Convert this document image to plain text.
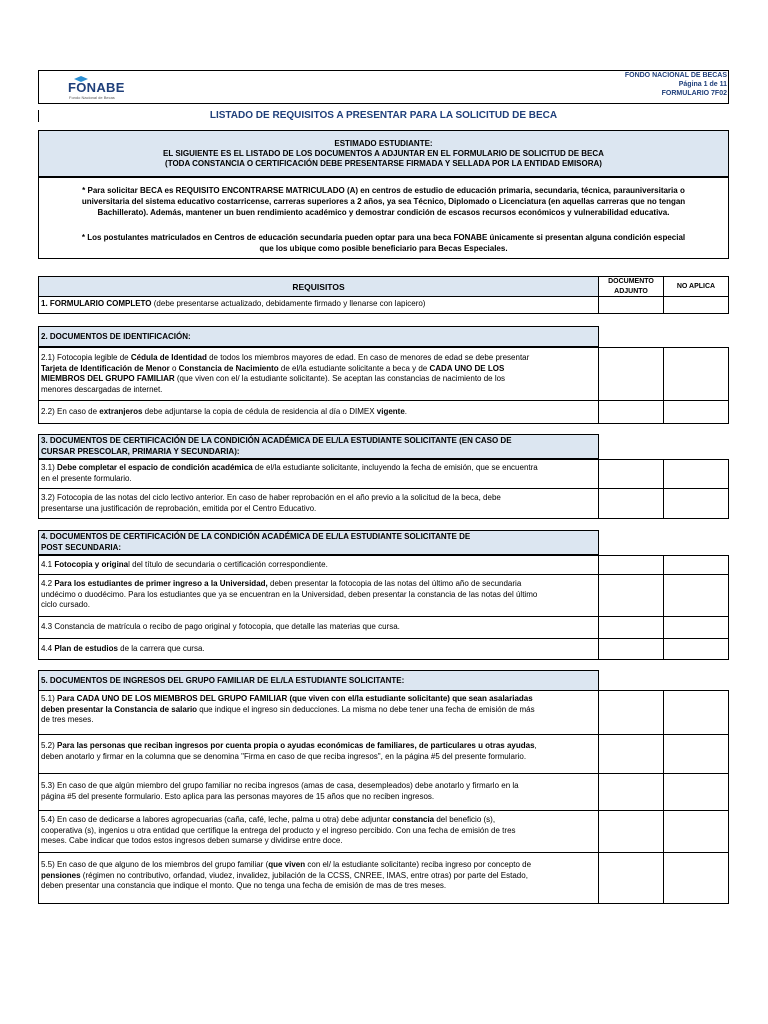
FONABE
Fondo Nacional de Becas
FONDO NACIONAL DE BECAS
Página 1 de 11
FORMULARIO 7F02
LISTADO DE REQUISITOS A PRESENTAR PARA LA SOLICITUD DE BECA
ESTIMADO ESTUDIANTE:
EL SIGUIENTE ES EL LISTADO DE LOS DOCUMENTOS A ADJUNTAR EN EL FORMULARIO DE SOLICITUD DE BECA
(TODA CONSTANCIA O CERTIFICACIÓN DEBE PRESENTARSE FIRMADA Y SELLADA POR LA ENTIDAD EMISORA)
* Para solicitar BECA es REQUISITO ENCONTRARSE MATRICULADO (A) en centros de estudio de educación primaria, secundaria, técnica, parauniversitaria o
universitaria del sistema educativo costarricense, carreras superiores a 2 años, ya sea Técnico, Diplomado o Licenciatura (en aquellas carreras que no tengan
Bachillerato). Además, mantener un buen rendimiento académico y demostrar condición de escasos recursos económicos y vulnerabilidad educativa.
* Los postulantes matriculados en Centros de educación secundaria pueden optar para una beca FONABE únicamente si presentan alguna condición especial
que los ubique como posible beneficiario para Becas Especiales.
REQUISITOS
DOCUMENTO
ADJUNTO
NO APLICA
1. FORMULARIO COMPLETO (debe presentarse actualizado, debidamente firmado y llenarse con lapicero)
2. DOCUMENTOS DE IDENTIFICACIÓN:
2.1) Fotocopia legible de Cédula de Identidad de todos los miembros mayores de edad. En caso de menores de edad se debe presentar
Tarjeta de Identificación de Menor o Constancia de Nacimiento de el/la estudiante solicitante a beca y de CADA UNO DE LOS
MIEMBROS DEL GRUPO FAMILIAR (que viven con el/ la estudiante solicitante). Se aceptan las constancias de nacimiento de los
menores descargadas de internet.
2.2) En caso de extranjeros debe adjuntarse la copia de cédula de residencia al día o DIMEX vigente.
3. DOCUMENTOS DE CERTIFICACIÓN DE LA CONDICIÓN ACADÉMICA DE EL/LA ESTUDIANTE SOLICITANTE (EN CASO DE
CURSAR PRESCOLAR, PRIMARIA Y SECUNDARIA):
3.1) Debe completar el espacio de condición académica de el/la estudiante solicitante, incluyendo la fecha de emisión, que se encuentra
en el presente formulario.
3.2) Fotocopia de las notas del ciclo lectivo anterior. En caso de haber reprobación en el año previo a la solicitud de la beca, debe
presentarse una justificación de reprobación, emitida por el Centro Educativo.
4. DOCUMENTOS DE CERTIFICACIÓN DE LA CONDICIÓN ACADÉMICA DE EL/LA ESTUDIANTE SOLICITANTE DE
POST SECUNDARIA:
4.1 Fotocopia y original del título de secundaria o certificación correspondiente.
4.2 Para los estudiantes de primer ingreso a la Universidad, deben presentar la fotocopia de las notas del último año de secundaria
undécimo o duodécimo. Para los estudiantes que ya se encuentran en la Universidad, deben presentar la constancia de las notas del último
ciclo cursado.
4.3 Constancia de matrícula o recibo de pago original y fotocopia, que detalle las materias que cursa.
4.4 Plan de estudios de la carrera que cursa.
5. DOCUMENTOS DE INGRESOS DEL GRUPO FAMILIAR DE EL/LA ESTUDIANTE SOLICITANTE:
5.1) Para CADA UNO DE LOS MIEMBROS DEL GRUPO FAMILIAR (que viven con el/la estudiante solicitante) que sean asalariadas
deben presentar la Constancia de salario que indique el ingreso sin deducciones. La misma no debe tener una fecha de emisión de más
de tres meses.
5.2) Para las personas que reciban ingresos por cuenta propia o ayudas económicas de familiares, de particulares u otras ayudas,
deben anotarlo y firmar en la columna que se denomina "Firma en caso de que reciba ingresos", en la página #5 del presente formulario.
5.3) En caso de que algún miembro del grupo familiar no reciba ingresos (amas de casa, desempleados) debe anotarlo y firmarlo en la
página #5 del presente formulario. Esto aplica para las personas mayores de 15 años que no reciben ingresos.
5.4) En caso de dedicarse a labores agropecuarias (caña, café, leche, palma u otra) debe adjuntar constancia del beneficio (s),
cooperativa (s), ingenios u otra entidad que certifique la entrega del producto y el ingreso percibido. Con una fecha de emisión de tres
meses. Cabe indicar que todos estos ingresos deben sumarse y dividirse entre doce.
5.5) En caso de que alguno de los miembros del grupo familiar (que viven con el/ la estudiante solicitante) reciba ingreso por concepto de
pensiones (régimen no contributivo, orfandad, viudez, invalidez, jubilación de la CCSS, CNREE, IMAS, entre otras) por parte del Estado,
deben presentar una constancia que indique el monto. Que no tenga una fecha de emisión de mas de tres meses.
